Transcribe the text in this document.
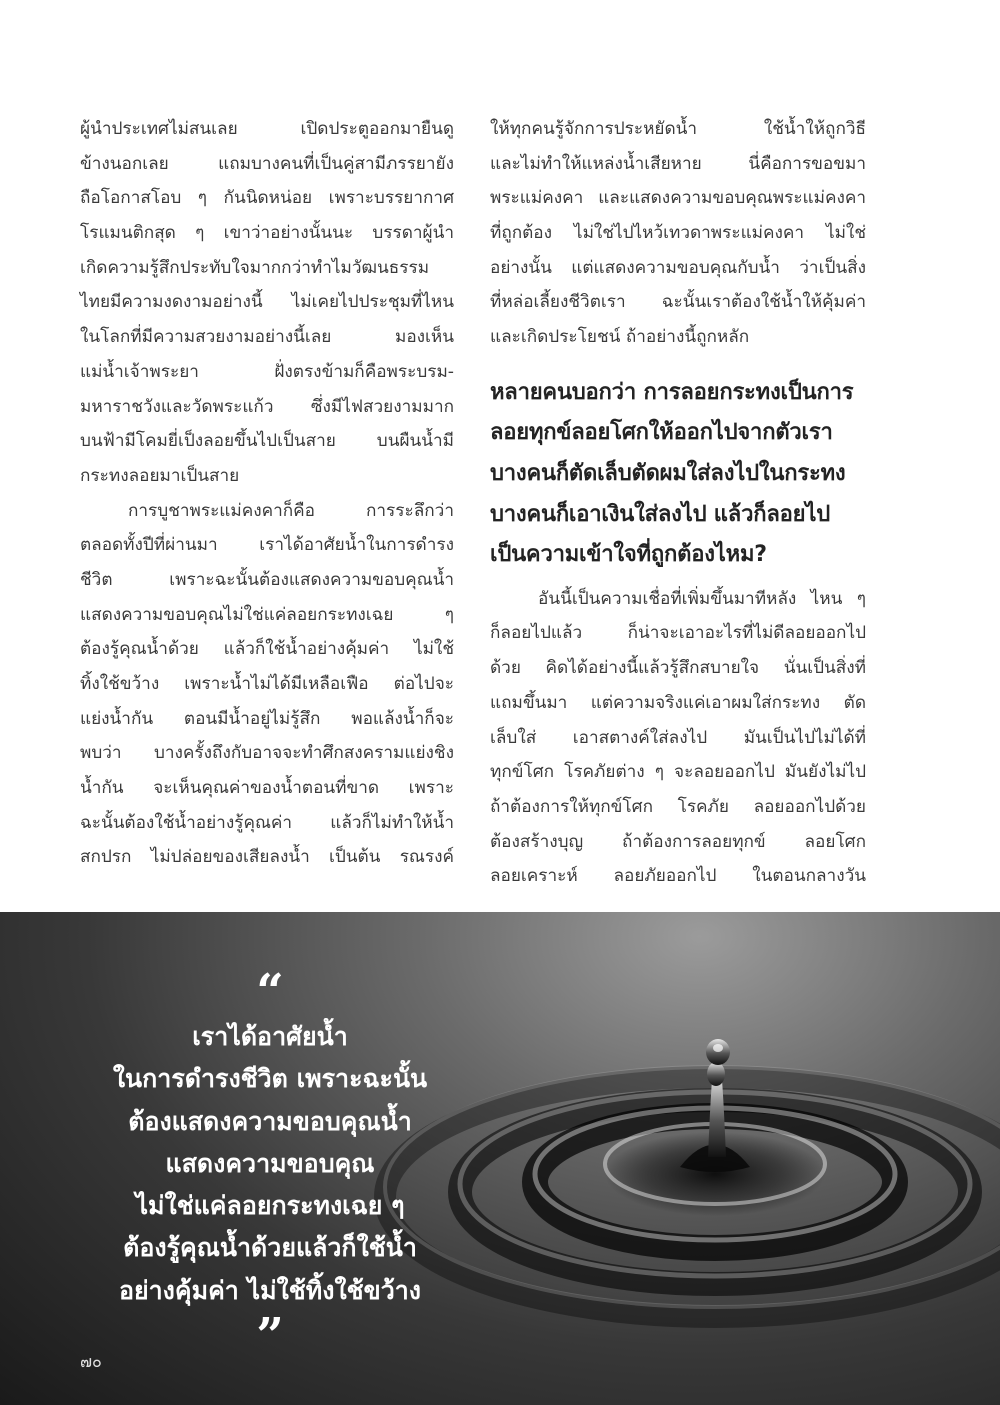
ผู้นำประเทศไม่สนเลย เปิดประตูออกมายืนดู
ข้างนอกเลย แถมบางคนที่เป็นคู่สามีภรรยายัง
ถือโอกาสโอบ ๆ กันนิดหน่อย เพราะบรรยากาศ
โรแมนติกสุด ๆ เขาว่าอย่างนั้นนะ บรรดาผู้นำ
เกิดความรู้สึกประทับใจมากกว่าทำไมวัฒนธรรม
ไทยมีความงดงามอย่างนี้ ไม่เคยไปประชุมที่ไหน
ในโลกที่มีความสวยงามอย่างนี้เลย มองเห็น
แม่น้ำเจ้าพระยา ฝั่งตรงข้ามก็คือพระบรม-
มหาราชวังและวัดพระแก้ว ซึ่งมีไฟสวยงามมาก
บนฟ้ามีโคมยี่เป็งลอยขึ้นไปเป็นสาย บนผืนน้ำมี
กระทงลอยมาเป็นสาย
การบูชาพระแม่คงคาก็คือ การระลึกว่า
ตลอดทั้งปีที่ผ่านมา เราได้อาศัยน้ำในการดำรง
ชีวิต เพราะฉะนั้นต้องแสดงความขอบคุณน้ำ
แสดงความขอบคุณไม่ใช่แค่ลอยกระทงเฉย ๆ
ต้องรู้คุณน้ำด้วย แล้วก็ใช้น้ำอย่างคุ้มค่า ไม่ใช้
ทิ้งใช้ขว้าง เพราะน้ำไม่ได้มีเหลือเฟือ ต่อไปจะ
แย่งน้ำกัน ตอนมีน้ำอยู่ไม่รู้สึก พอแล้งน้ำก็จะ
พบว่า บางครั้งถึงกับอาจจะทำศึกสงครามแย่งชิง
น้ำกัน จะเห็นคุณค่าของน้ำตอนที่ขาด เพราะ
ฉะนั้นต้องใช้น้ำอย่างรู้คุณค่า แล้วก็ไม่ทำให้น้ำ
สกปรก ไม่ปล่อยของเสียลงน้ำ เป็นต้น รณรงค์
ให้ทุกคนรู้จักการประหยัดน้ำ ใช้น้ำให้ถูกวิธี
และไม่ทำให้แหล่งน้ำเสียหาย นี่คือการขอขมา
พระแม่คงคา และแสดงความขอบคุณพระแม่คงคา
ที่ถูกต้อง ไม่ใช่ไปไหว้เทวดาพระแม่คงคา ไม่ใช่
อย่างนั้น แต่แสดงความขอบคุณกับน้ำ ว่าเป็นสิ่ง
ที่หล่อเลี้ยงชีวิตเรา ฉะนั้นเราต้องใช้น้ำให้คุ้มค่า
และเกิดประโยชน์ ถ้าอย่างนี้ถูกหลัก
หลายคนบอกว่า การลอยกระทงเป็นการ
ลอยทุกข์ลอยโศกให้ออกไปจากตัวเรา
บางคนก็ตัดเล็บตัดผมใส่ลงไปในกระทง
บางคนก็เอาเงินใส่ลงไป แล้วก็ลอยไป
เป็นความเข้าใจที่ถูกต้องไหม?
อันนี้เป็นความเชื่อที่เพิ่มขึ้นมาทีหลัง ไหน ๆ
ก็ลอยไปแล้ว ก็น่าจะเอาอะไรที่ไม่ดีลอยออกไป
ด้วย คิดได้อย่างนี้แล้วรู้สึกสบายใจ นั่นเป็นสิ่งที่
แถมขึ้นมา แต่ความจริงแค่เอาผมใส่กระทง ตัด
เล็บใส่ เอาสตางค์ใส่ลงไป มันเป็นไปไม่ได้ที่
ทุกข์โศก โรคภัยต่าง ๆ จะลอยออกไป มันยังไม่ไป
ถ้าต้องการให้ทุกข์โศก โรคภัย ลอยออกไปด้วย
ต้องสร้างบุญ ถ้าต้องการลอยทุกข์ ลอยโศก
ลอยเคราะห์ ลอยภัยออกไป ในตอนกลางวัน
“
เราได้อาศัยน้ำ
ในการดำรงชีวิต เพราะฉะนั้น
ต้องแสดงความขอบคุณน้ำ
แสดงความขอบคุณ
ไม่ใช่แค่ลอยกระทงเฉย ๆ
ต้องรู้คุณน้ำด้วยแล้วก็ใช้น้ำ
อย่างคุ้มค่า ไม่ใช้ทิ้งใช้ขว้าง
”
๗๐
